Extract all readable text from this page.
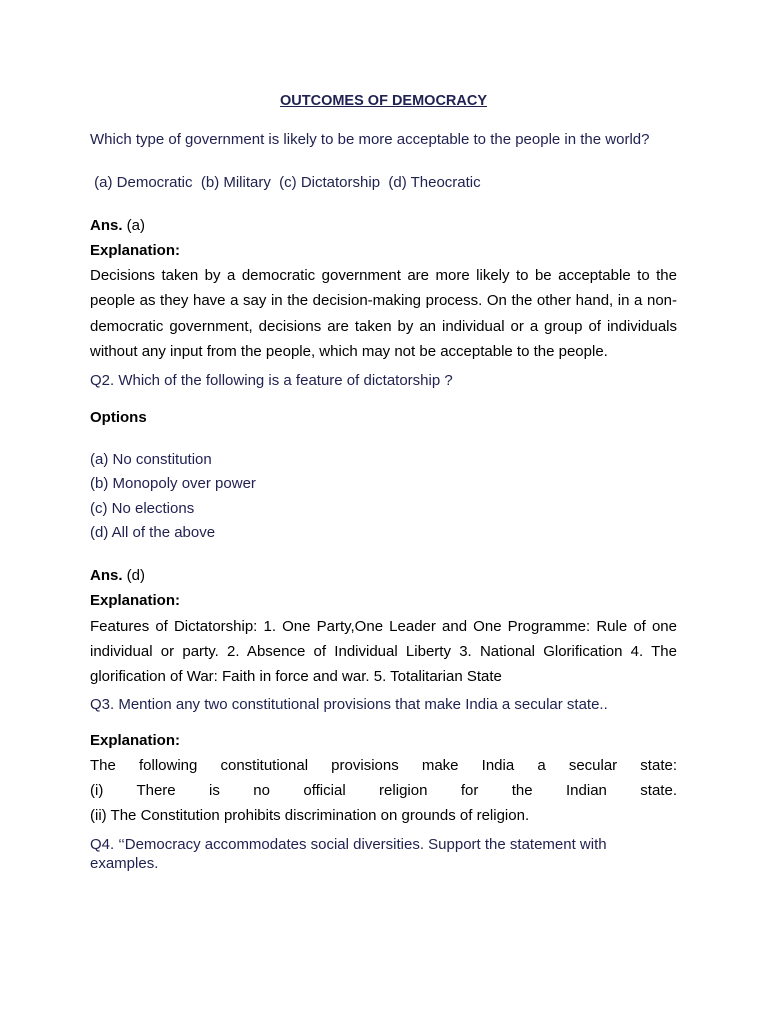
OUTCOMES OF DEMOCRACY
Which type of government is likely to be more acceptable to the people in the world?
(a) Democratic  (b) Military  (c) Dictatorship  (d) Theocratic
Ans. (a)
Explanation:
Decisions taken by a democratic government are more likely to be acceptable to the people as they have a say in the decision-making process. On the other hand, in a non-democratic government, decisions are taken by an individual or a group of individuals without any input from the people, which may not be acceptable to the people.
Q2. Which of the following is a feature of dictatorship ?
Options
(a) No constitution
(b) Monopoly over power
(c) No elections
(d) All of the above
Ans. (d)
Explanation:
Features of Dictatorship: 1. One Party,One Leader and One Programme: Rule of one individual or party. 2. Absence of Individual Liberty 3. National Glorification 4. The glorification of War: Faith in force and war. 5. Totalitarian State
Q3. Mention any two constitutional provisions that make India a secular state..
Explanation:
The following constitutional provisions make India a secular state:
(i) There is no official religion for the Indian state.
(ii) The Constitution prohibits discrimination on grounds of religion.
Q4. ‘‘Democracy accommodates social diversities. Support the statement with examples.
